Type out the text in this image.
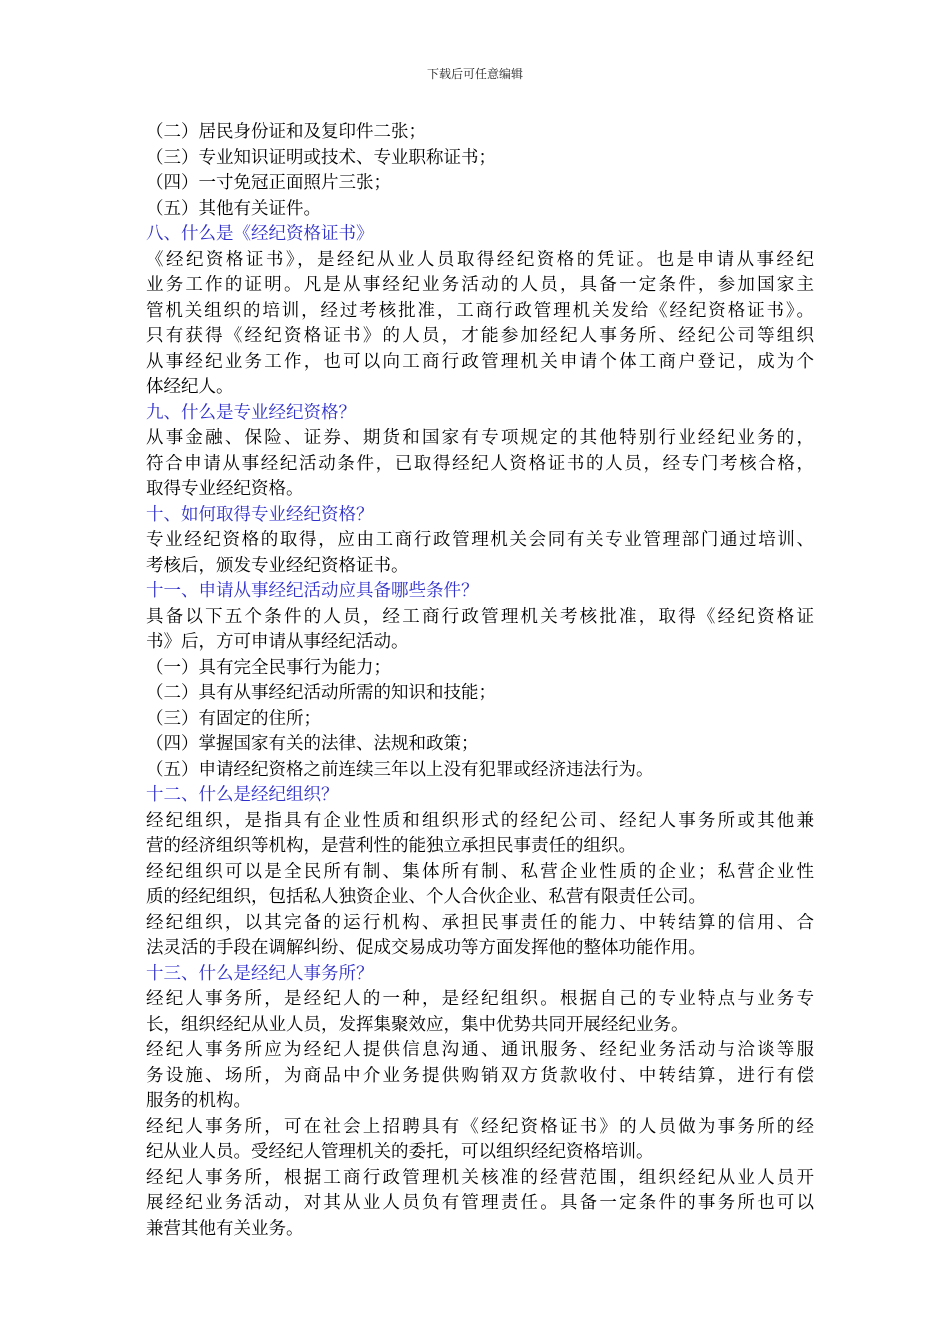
下载后可任意编辑
（二）居民身份证和及复印件二张；
（三）专业知识证明或技术、专业职称证书；
（四）一寸免冠正面照片三张；
（五）其他有关证件。
八、什么是《经纪资格证书》
《经纪资格证书》，是经纪从业人员取得经纪资格的凭证。也是申请从事经纪
业务工作的证明。凡是从事经纪业务活动的人员，具备一定条件，参加国家主
管机关组织的培训，经过考核批准，工商行政管理机关发给《经纪资格证书》。
只有获得《经纪资格证书》的人员，才能参加经纪人事务所、经纪公司等组织
从事经纪业务工作，也可以向工商行政管理机关申请个体工商户登记，成为个
体经纪人。
九、什么是专业经纪资格？
从事金融、保险、证券、期货和国家有专项规定的其他特别行业经纪业务的，
符合申请从事经纪活动条件，已取得经纪人资格证书的人员，经专门考核合格，
取得专业经纪资格。
十、如何取得专业经纪资格？
专业经纪资格的取得，应由工商行政管理机关会同有关专业管理部门通过培训、
考核后，颁发专业经纪资格证书。
十一、申请从事经纪活动应具备哪些条件？
具备以下五个条件的人员，经工商行政管理机关考核批准，取得《经纪资格证
书》后，方可申请从事经纪活动。
（一）具有完全民事行为能力；
（二）具有从事经纪活动所需的知识和技能；
（三）有固定的住所；
（四）掌握国家有关的法律、法规和政策；
（五）申请经纪资格之前连续三年以上没有犯罪或经济违法行为。
十二、什么是经纪组织？
经纪组织，是指具有企业性质和组织形式的经纪公司、经纪人事务所或其他兼
营的经济组织等机构，是营利性的能独立承担民事责任的组织。
经纪组织可以是全民所有制、集体所有制、私营企业性质的企业；私营企业性
质的经纪组织，包括私人独资企业、个人合伙企业、私营有限责任公司。
经纪组织，以其完备的运行机构、承担民事责任的能力、中转结算的信用、合
法灵活的手段在调解纠纷、促成交易成功等方面发挥他的整体功能作用。
十三、什么是经纪人事务所？
经纪人事务所，是经纪人的一种，是经纪组织。根据自己的专业特点与业务专
长，组织经纪从业人员，发挥集聚效应，集中优势共同开展经纪业务。
经纪人事务所应为经纪人提供信息沟通、通讯服务、经纪业务活动与洽谈等服
务设施、场所，为商品中介业务提供购销双方货款收付、中转结算，进行有偿
服务的机构。
经纪人事务所，可在社会上招聘具有《经纪资格证书》的人员做为事务所的经
纪从业人员。受经纪人管理机关的委托，可以组织经纪资格培训。
经纪人事务所，根据工商行政管理机关核准的经营范围，组织经纪从业人员开
展经纪业务活动，对其从业人员负有管理责任。具备一定条件的事务所也可以
兼营其他有关业务。
